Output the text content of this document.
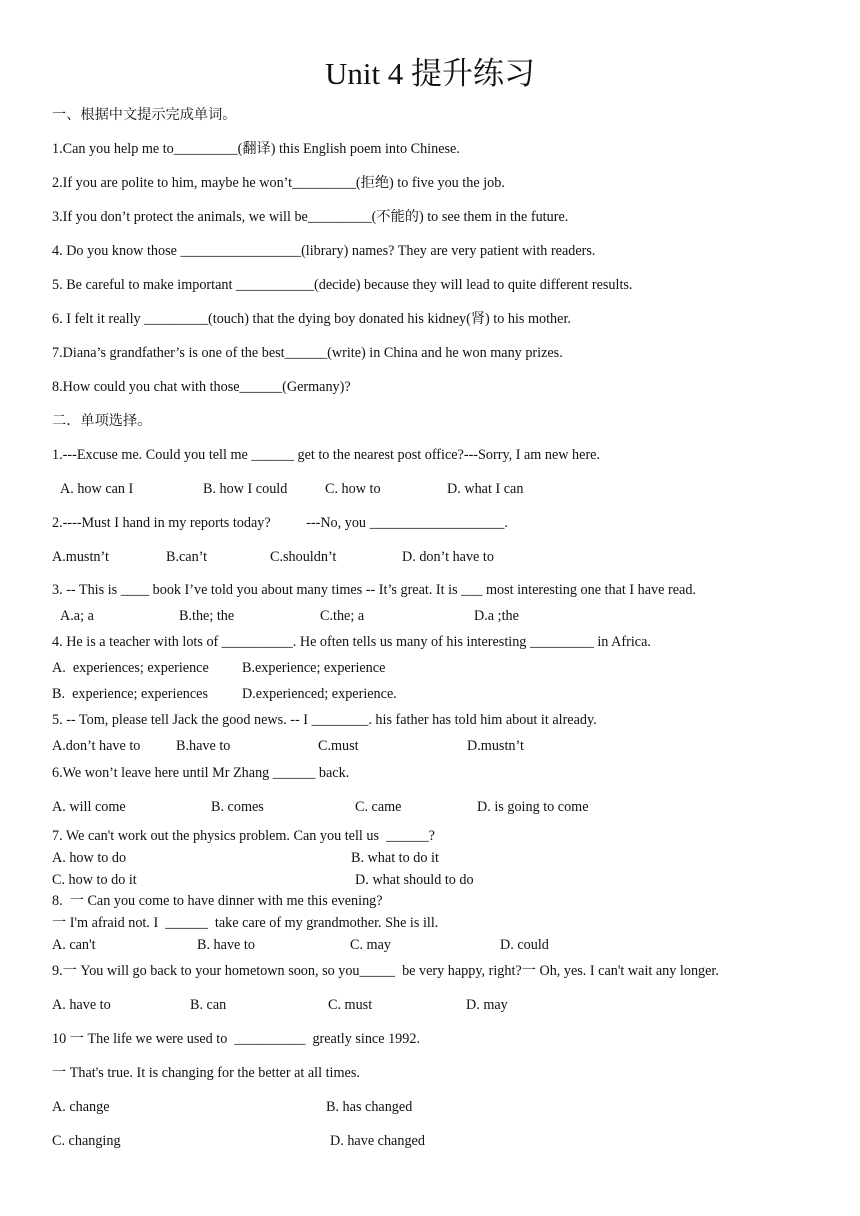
Unit 4 提升练习
一、根据中文提示完成单词。
1.Can you help me to_________(翻译) this English poem into Chinese.
2.If you are polite to him, maybe he won’t_________(拒绝) to five you the job.
3.If you don’t protect the animals, we will be_________(不能的) to see them in the future.
4. Do you know those _________________(library) names? They are very patient with readers.
5. Be careful to make important ___________(decide) because they will lead to quite different results.
6. I felt it really _________(touch) that the dying boy donated his kidney(肾) to his mother.
7.Diana’s grandfather’s is one of the best______(write) in China and he won many prizes.
8.How could you chat with those______(Germany)?
二．单项选择。
1.---Excuse me. Could you tell me ______ get to the nearest post office?---Sorry, I am new here.
A. how can I	B. how I could	C. how to	D. what I can
2.----Must I hand in my reports today?          ---No, you ___________________.
A.mustn’t	B.can’t	C.shouldn’t	D. don’t have to
3. -- This is ____ book I’ve told you about many times -- It’s great. It is ___ most interesting one that I have read.
A.a; a	B.the; the	C.the; a	D.a ;the
4. He is a teacher with lots of __________. He often tells us many of his interesting _________ in Africa.
A.  experiences; experience B.experience; experience
B.  experience; experiences D.experienced; experience.
5. -- Tom, please tell Jack the good news. -- I ________. his father has told him about it already.
A.don’t have to	B.have to	C.must	D.mustn’t
6.We won’t leave here until Mr Zhang ______ back.
A. will come	B. comes	C. came	D. is going to come
7. We can't work out the physics problem. Can you tell us  ______?
A. how to do	B. what to do it
C. how to do it	D. what should to do
8.  一 Can you come to have dinner with me this evening?
一 I'm afraid not. I  ______  take care of my grandmother. She is ill.
A. can't	B. have to	C. may	D. could
9.一 You will go back to your hometown soon, so you_____  be very happy, right?一 Oh, yes. I can't wait any longer.
A. have to	B. can	C. must	D. may
10 一 The life we were used to  __________  greatly since 1992.
一 That's true. It is changing for the better at all times.
A. change	B. has changed
C. changing	D. have changed
